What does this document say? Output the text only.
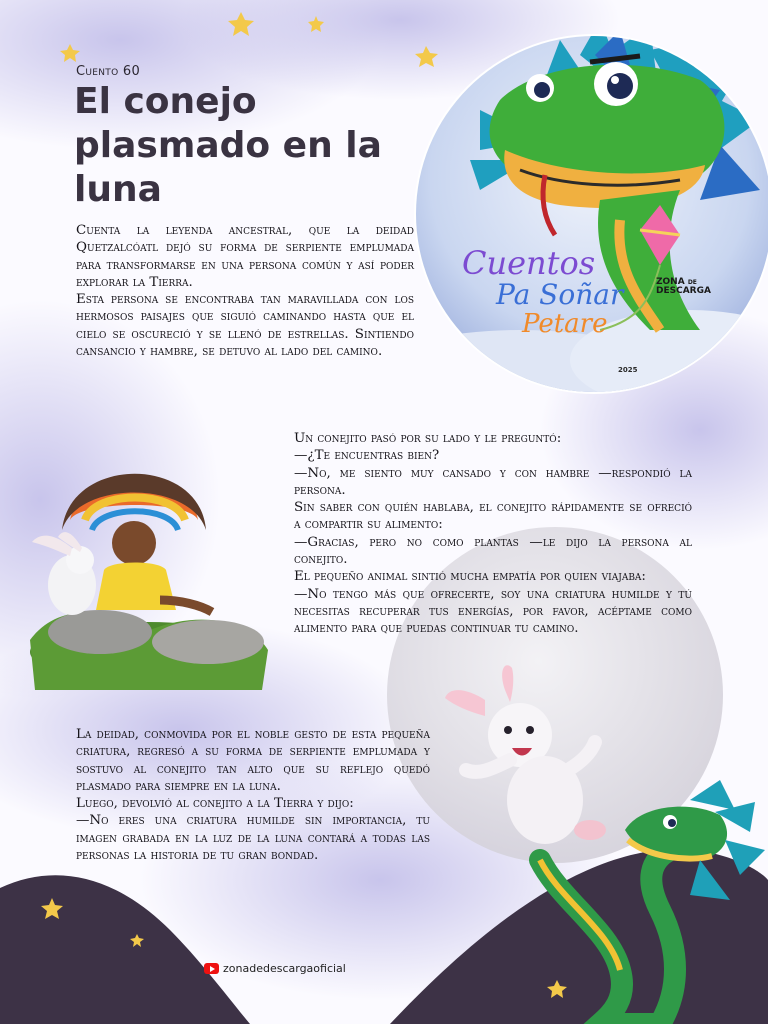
Cuento 60
El conejo plasmado en la luna
Cuentos
Pa Soñar
Petare
ZONA DE
DESCARGA
2025
Cuenta la leyenda ancestral, que la deidad Quetzalcóatl dejó su forma de serpiente emplumada para transformarse en una persona común y así poder explorar la Tierra.
Esta persona se encontraba tan maravillada con los hermosos paisajes que siguió caminando hasta que el cielo se oscureció y se llenó de estrellas. Sintiendo cansancio y hambre, se detuvo al lado del camino.
Un conejito pasó por su lado y le preguntó:
—¿Te encuentras bien?
—No, me siento muy cansado y con hambre —respondió la persona.
Sin saber con quién hablaba, el conejito rápidamente se ofreció a compartir su alimento:
—Gracias, pero no como plantas —le dijo la persona al conejito.
El pequeño animal sintió mucha empatía por quien viajaba:
—No tengo más que ofrecerte, soy una criatura humilde y tú necesitas recuperar tus energías, por favor, acéptame como alimento para que puedas continuar tu camino.
La deidad, conmovida por el noble gesto de esta pequeña criatura, regresó a su forma de serpiente emplumada y sostuvo al conejito tan alto que su reflejo quedó plasmado para siempre en la luna.
Luego, devolvió al conejito a la Tierra y dijo:
—No eres una criatura humilde sin importancia, tu imagen grabada en la luz de la luna contará a todas las personas la historia de tu gran bondad.
zonadedescargaoficial
